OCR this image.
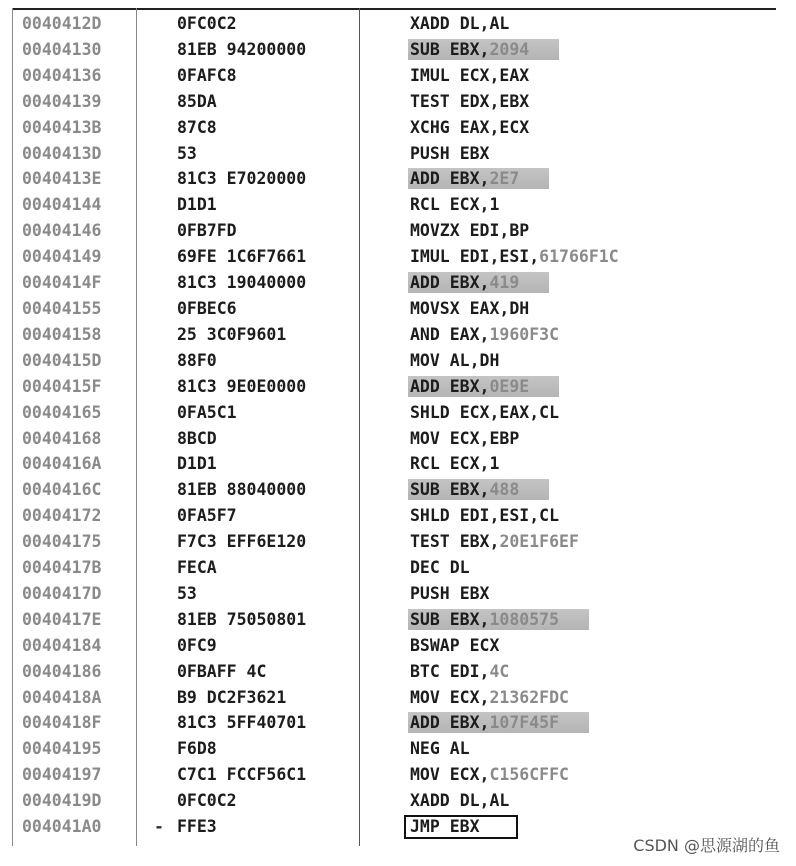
0040412D	0FC0C2	XADD DL,AL
00404130	81EB 94200000	SUB EBX,2094
00404136	0FAFC8	IMUL ECX,EAX
00404139	85DA	TEST EDX,EBX
0040413B	87C8	XCHG EAX,ECX
0040413D	53	PUSH EBX
0040413E	81C3 E7020000	ADD EBX,2E7
00404144	D1D1	RCL ECX,1
00404146	0FB7FD	MOVZX EDI,BP
00404149	69FE 1C6F7661	IMUL EDI,ESI,61766F1C
0040414F	81C3 19040000	ADD EBX,419
00404155	0FBEC6	MOVSX EAX,DH
00404158	25 3C0F9601	AND EAX,1960F3C
0040415D	88F0	MOV AL,DH
0040415F	81C3 9E0E0000	ADD EBX,0E9E
00404165	0FA5C1	SHLD ECX,EAX,CL
00404168	8BCD	MOV ECX,EBP
0040416A	D1D1	RCL ECX,1
0040416C	81EB 88040000	SUB EBX,488
00404172	0FA5F7	SHLD EDI,ESI,CL
00404175	F7C3 EFF6E120	TEST EBX,20E1F6EF
0040417B	FECA	DEC DL
0040417D	53	PUSH EBX
0040417E	81EB 75050801	SUB EBX,1080575
00404184	0FC9	BSWAP ECX
00404186	0FBAFF 4C	BTC EDI,4C
0040418A	B9 DC2F3621	MOV ECX,21362FDC
0040418F	81C3 5FF40701	ADD EBX,107F45F
00404195	F6D8	NEG AL
00404197	C7C1 FCCF56C1	MOV ECX,C156CFFC
0040419D	0FC0C2	XADD DL,AL
004041A0	- FFE3	JMP EBX
CSDN @思源湖的鱼
